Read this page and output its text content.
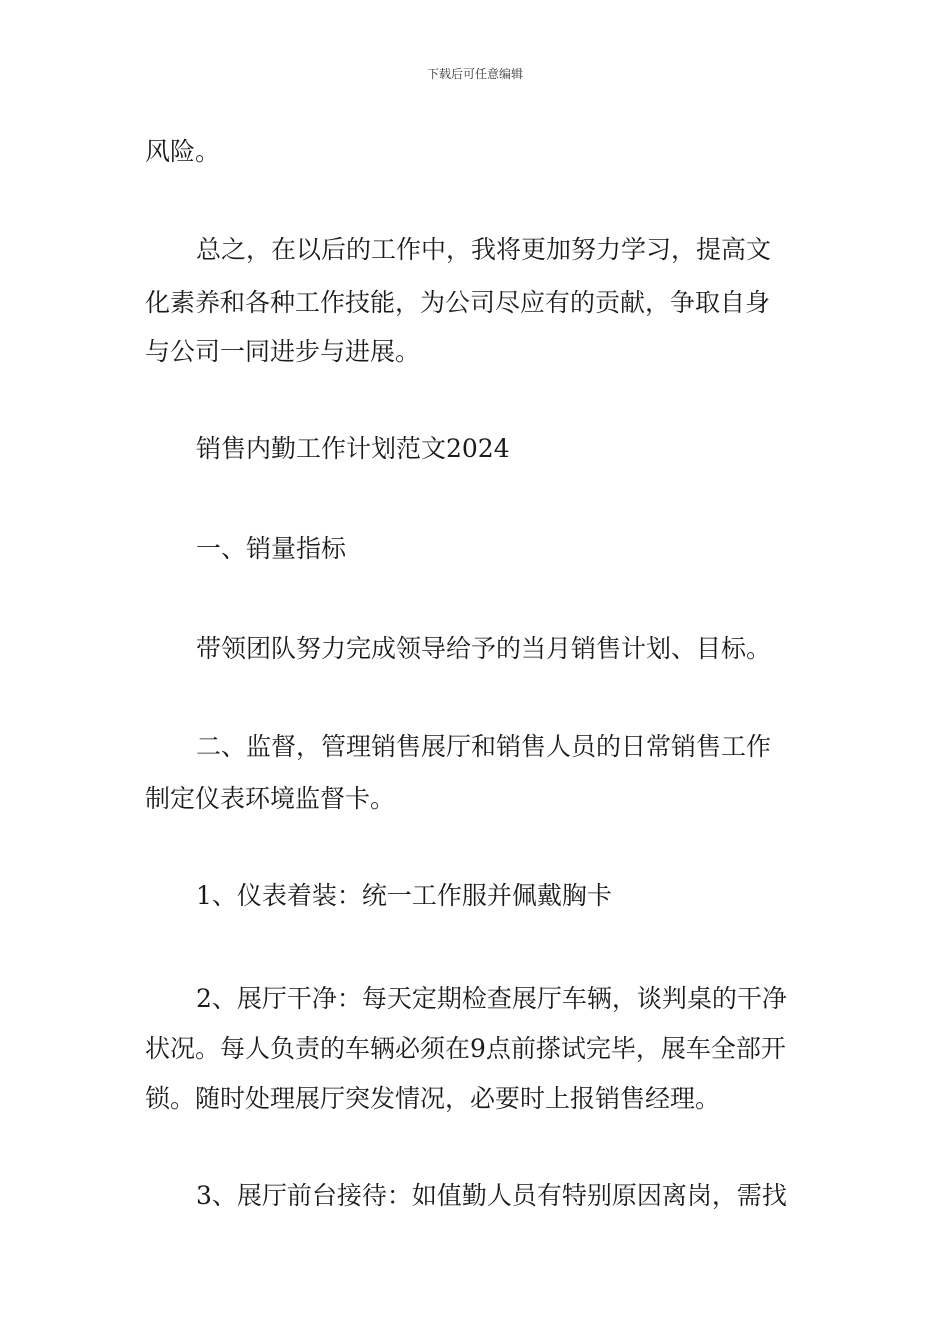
下载后可任意编辑
风险。
总之，在以后的工作中，我将更加努力学习，提高文
化素养和各种工作技能，为公司尽应有的贡献，争取自身
与公司一同进步与进展。
销售内勤工作计划范文2024
一、销量指标
带领团队努力完成领导给予的当月销售计划、目标。
二、监督，管理销售展厅和销售人员的日常销售工作
制定仪表环境监督卡。
1、仪表着装：统一工作服并佩戴胸卡
2、展厅干净：每天定期检查展厅车辆，谈判桌的干净
状况。每人负责的车辆必须在9点前搽试完毕，展车全部开
锁。随时处理展厅突发情况，必要时上报销售经理。
3、展厅前台接待：如值勤人员有特别原因离岗，需找
